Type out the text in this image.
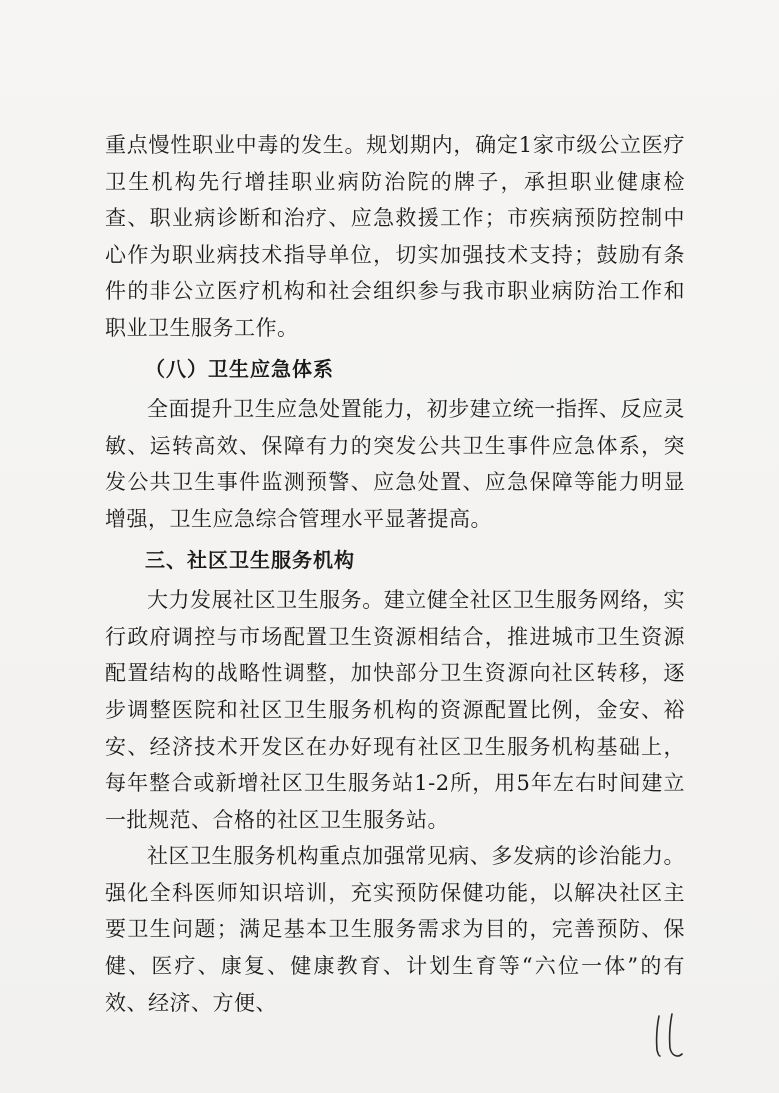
重点慢性职业中毒的发生。规划期内，确定1家市级公立医疗卫生机构先行增挂职业病防治院的牌子，承担职业健康检查、职业病诊断和治疗、应急救援工作；市疾病预防控制中心作为职业病技术指导单位，切实加强技术支持；鼓励有条件的非公立医疗机构和社会组织参与我市职业病防治工作和职业卫生服务工作。

（八）卫生应急体系

全面提升卫生应急处置能力，初步建立统一指挥、反应灵敏、运转高效、保障有力的突发公共卫生事件应急体系，突发公共卫生事件监测预警、应急处置、应急保障等能力明显增强，卫生应急综合管理水平显著提高。

三、社区卫生服务机构

大力发展社区卫生服务。建立健全社区卫生服务网络，实行政府调控与市场配置卫生资源相结合，推进城市卫生资源配置结构的战略性调整，加快部分卫生资源向社区转移，逐步调整医院和社区卫生服务机构的资源配置比例，金安、裕安、经济技术开发区在办好现有社区卫生服务机构基础上，每年整合或新增社区卫生服务站1-2所，用5年左右时间建立一批规范、合格的社区卫生服务站。

社区卫生服务机构重点加强常见病、多发病的诊治能力。强化全科医师知识培训，充实预防保健功能，以解决社区主要卫生问题；满足基本卫生服务需求为目的，完善预防、保健、医疗、康复、健康教育、计划生育等“六位一体”的有效、经济、方便、
